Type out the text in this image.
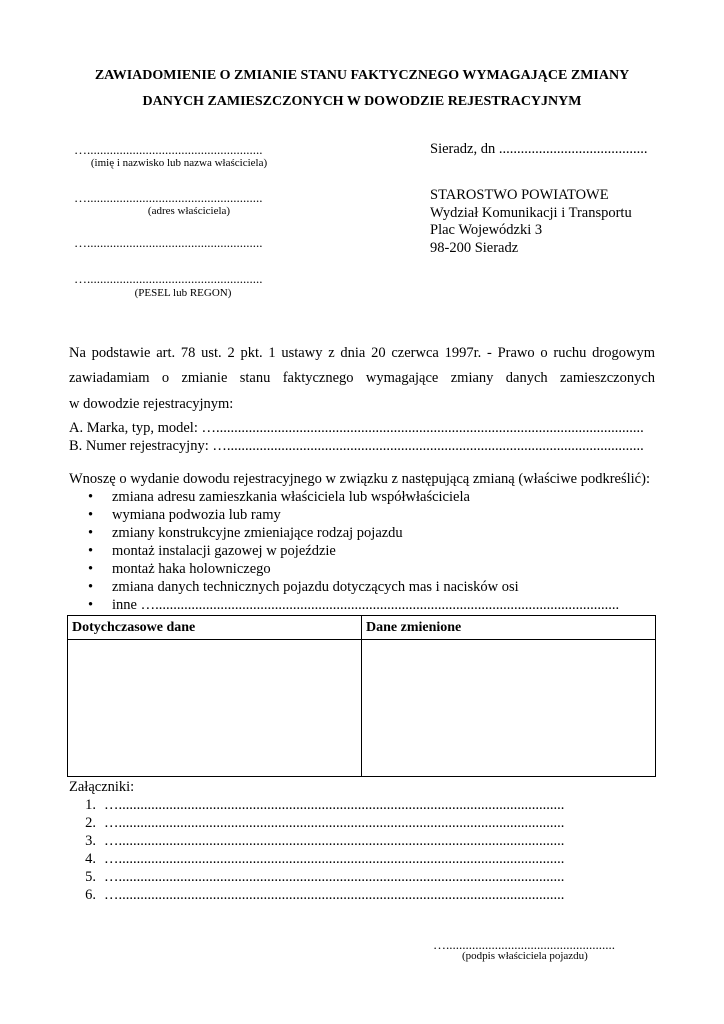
ZAWIADOMIENIE O ZMIANIE STANU FAKTYCZNEGO WYMAGAJĄCE ZMIANY
DANYCH ZAMIESZCZONYCH W DOWODZIE REJESTRACYJNYM
…......................................................
(imię i nazwisko lub nazwa właściciela)
…......................................................
(adres właściciela)
…......................................................
…......................................................
(PESEL lub REGON)
Sieradz, dn .........................................
STAROSTWO POWIATOWE
Wydział Komunikacji i Transportu
Plac Wojewódzki 3
98-200 Sieradz
Na podstawie art. 78 ust. 2 pkt. 1 ustawy z dnia 20 czerwca 1997r. - Prawo o ruchu drogowym
zawiadamiam o zmianie stanu faktycznego wymagające zmiany danych zamieszczonych
w dowodzie rejestracyjnym:
A. Marka, typ, model: …......................................................................................................................
B. Numer rejestracyjny: …...................................................................................................................
Wnoszę o wydanie dowodu rejestracyjnego w związku z następującą zmianą (właściwe podkreślić):
•	zmiana adresu zamieszkania właściciela lub współwłaściciela
•	wymiana podwozia lub ramy
•	zmiany konstrukcyjne zmieniające rodzaj pojazdu
•	montaż instalacji gazowej w pojeździe
•	montaż haka holowniczego
•	zmiana danych technicznych pojazdu dotyczących mas i nacisków osi
•	inne …................................................................................................................................
Dotychczasowe dane	Dane zmienione

Załączniki:
1. …...........................................................................................................................
2. …...........................................................................................................................
3. …...........................................................................................................................
4. …...........................................................................................................................
5. …...........................................................................................................................
6. …...........................................................................................................................
…....................................................
(podpis właściciela pojazdu)
